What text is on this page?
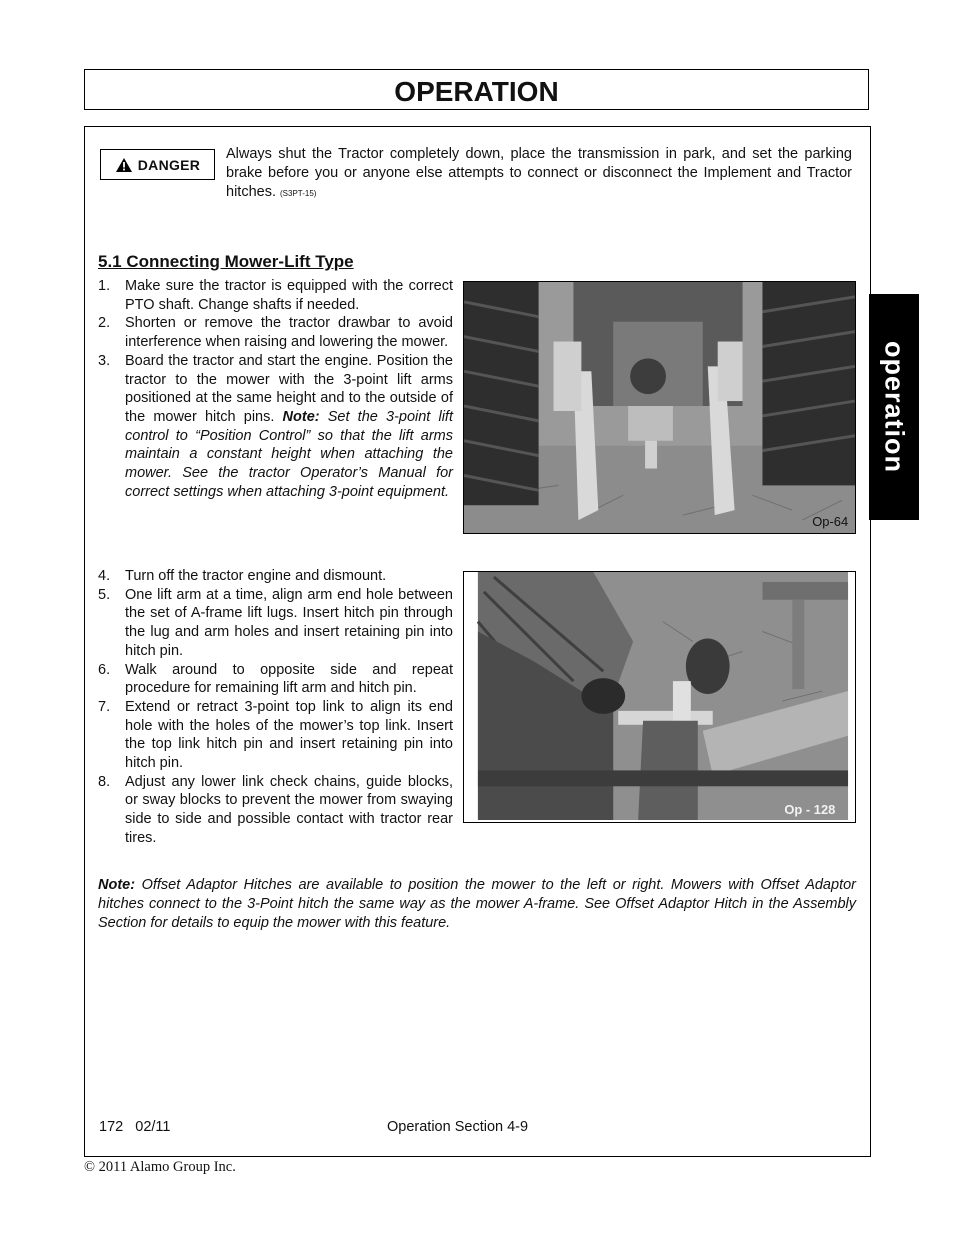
OPERATION
operation
DANGER
Always shut the Tractor completely down, place the transmission in park, and set the parking brake before you or anyone else attempts to connect or disconnect the Implement and Tractor hitches. (S3PT-15)
5.1 Connecting Mower-Lift Type
1.	Make sure the tractor is equipped with the correct PTO shaft. Change shafts if needed.
2.	Shorten or remove the tractor drawbar to avoid interference when raising and lowering the mower.
3.	Board the tractor and start the engine. Position the tractor to the mower with the 3-point lift arms positioned at the same height and to the outside of the mower hitch pins. Note: Set the 3-point lift control to “Position Control” so that the lift arms maintain a constant height when attaching the mower. See the tractor Operator’s Manual for correct settings when attaching 3-point equipment.
Op-64
4.	Turn off the tractor engine and dismount.
5.	One lift arm at a time, align arm end hole between the set of A-frame lift lugs. Insert hitch pin through the lug and arm holes and insert retaining pin into hitch pin.
6.	Walk around to opposite side and repeat procedure for remaining lift arm and hitch pin.
7.	Extend or retract 3-point top link to align its end hole with the holes of the mower’s top link. Insert the top link hitch pin and insert retaining pin into hitch pin.
8.	Adjust any lower link check chains, guide blocks, or sway blocks to prevent the mower from swaying side to side and possible contact with tractor rear tires.
Op - 128
Note: Offset Adaptor Hitches are available to position the mower to the left or right. Mowers with Offset Adaptor hitches connect to the 3-Point hitch the same way as the mower A-frame. See Offset Adaptor Hitch in the Assembly Section for details to equip the mower with this feature.
172   02/11	Operation Section 4-9
© 2011 Alamo Group Inc.
